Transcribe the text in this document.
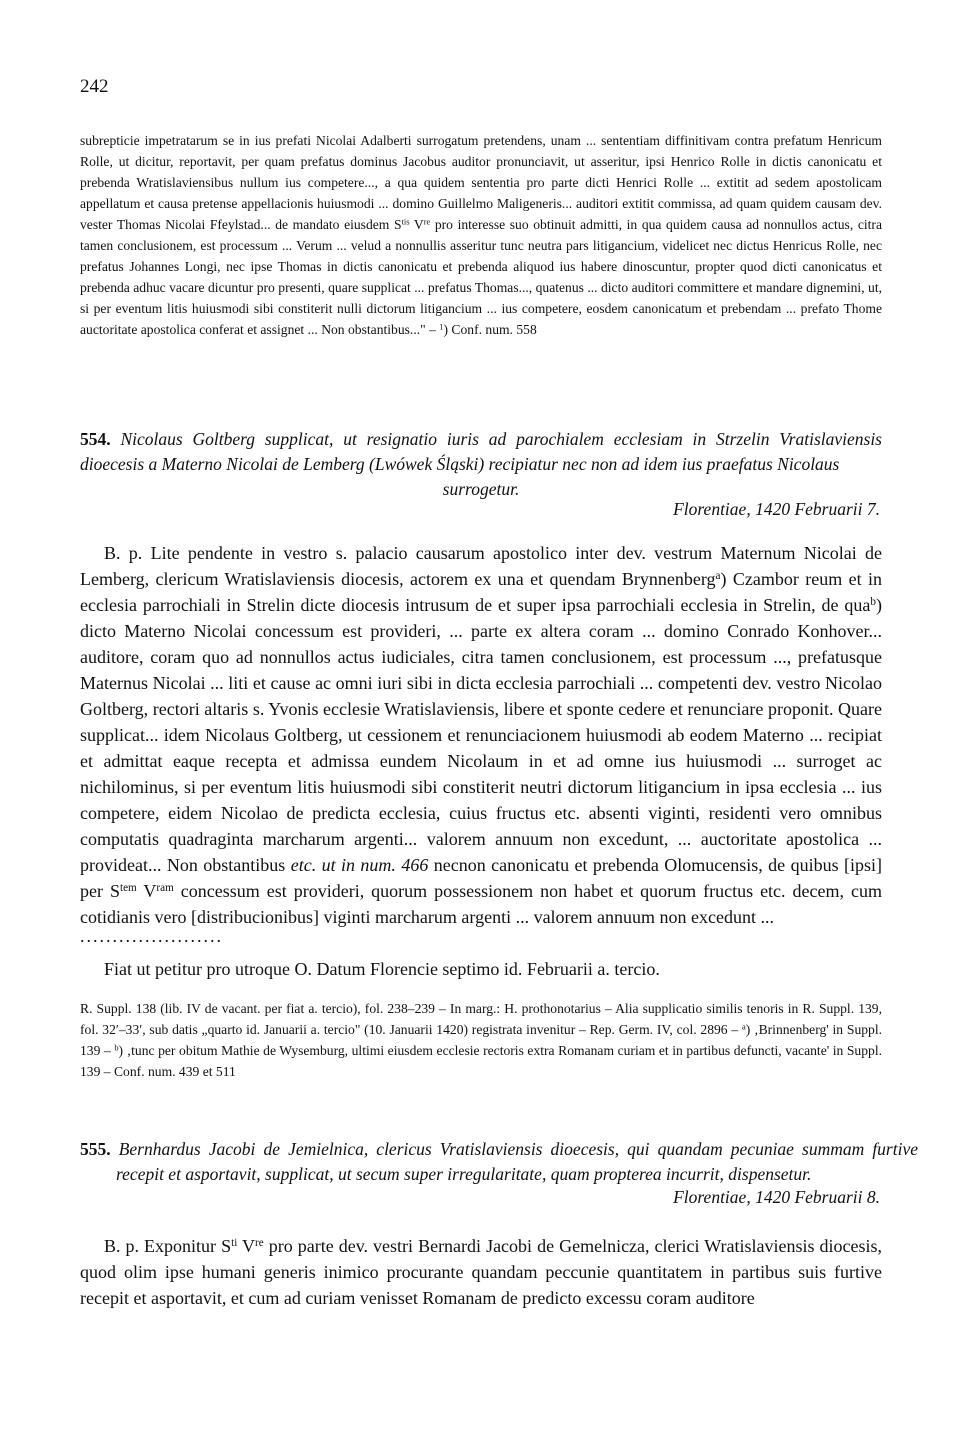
242
subrepticie impetratarum se in ius prefati Nicolai Adalberti surrogatum pretendens, unam ... sententiam diffinitivam contra prefatum Henricum Rolle, ut dicitur, reportavit, per quam prefatus dominus Jacobus auditor pronunciavit, ut asseritur, ipsi Henrico Rolle in dictis canonicatu et prebenda Wratislaviensibus nullum ius competere..., a qua quidem sententia pro parte dicti Henrici Rolle ... extitit ad sedem apostolicam appellatum et causa pretense appellacionis huiusmodi ... domino Guillelmo Maligeneris... auditori extitit commissa, ad quam quidem causam dev. vester Thomas Nicolai Ffeylstad... de mandato eiusdem $S^{tis}$ Vre pro interesse suo obtinuit admitti, in qua quidem causa ad nonnullos actus, citra tamen conclusionem, est processum ... Verum ... velud a nonnullis asseritur tunc neutra pars litigancium, videlicet nec dictus Henricus Rolle, nec prefatus Johannes Longi, nec ipse Thomas in dictis canonicatu et prebenda aliquod ius habere dinoscuntur, propter quod dicti canonicatus et prebenda adhuc vacare dicuntur pro presenti, quare supplicat ... prefatus Thomas..., quatenus ... dicto auditori committere et mandare dignemini, ut, si per eventum litis huiusmodi sibi constiterit nulli dictorum litigancium ... ius competere, eosdem canonicatum et prebendam ... prefato Thome auctoritate apostolica conferat et assignet ... Non obstantibus..." – $^1$) Conf. num. 558
554. Nicolaus Goltberg supplicat, ut resignatio iuris ad parochialem ecclesiam in Strzelin Vratislaviensis dioecesis a Materno Nicolai de Lemberg (Lwówek Śląski) recipiatur nec non ad idem ius praefatus Nicolaus
surrogetur.
Florentiae, 1420 Februarii 7.
B. p. Lite pendente in vestro s. palacio causarum apostolico inter dev. vestrum Maternum Nicolai de Lemberg, clericum Wratislaviensis diocesis, actorem ex una et quendam Brynnenberg$^a$) Czambor reum et in ecclesia parrochiali in Strelin dicte diocesis intrusum de et super ipsa parrochiali ecclesia in Strelin, de qua$^b$) dicto Materno Nicolai concessum est provideri, ... parte ex altera coram ... domino Conrado Konhover... auditore, coram quo ad nonnullos actus iudiciales, citra tamen conclusionem, est processum ..., prefatusque Maternus Nicolai ... liti et cause ac omni iuri sibi in dicta ecclesia parrochiali ... competenti dev. vestro Nicolao Goltberg, rectori altaris s. Yvonis ecclesie Wratislaviensis, libere et sponte cedere et renunciare proponit. Quare supplicat... idem Nicolaus Goltberg, ut cessionem et renunciacionem huiusmodi ab eodem Materno ... recipiat et admittat eaque recepta et admissa eundem Nicolaum in et ad omne ius huiusmodi ... surroget ac nichilominus, si per eventum litis huiusmodi sibi constiterit neutri dictorum litigancium in ipsa ecclesia ... ius competere, eidem Nicolao de predicta ecclesia, cuius fructus etc. absenti viginti, residenti vero omnibus computatis quadraginta marcharum argenti... valorem annuum non excedunt, ... auctoritate apostolica ... provideat... Non obstantibus etc. ut in num. 466 necnon canonicatu et prebenda Olomucensis, de quibus [ipsi] per $S^{tem}$ $V^{ram}$ concessum est provideri, quorum possessionem non habet et quorum fructus etc. decem, cum cotidianis vero [distribucionibus] viginti marcharum argenti ... valorem annuum non excedunt ...
......................
Fiat ut petitur pro utroque O. Datum Florencie septimo id. Februarii a. tercio.
R. Suppl. 138 (lib. IV de vacant. per fiat a. tercio), fol. 238–239 – In marg.: H. prothonotarius – Alia supplicatio similis tenoris in R. Suppl. 139, fol. 32′–33′, sub datis „quarto id. Januarii a. tercio" (10. Januarii 1420) registrata invenitur – Rep. Germ. IV, col. 2896 – $^a$) ‚Brinnenberg' in Suppl. 139 – $^b$) ‚tunc per obitum Mathie de Wysemburg, ultimi eiusdem ecclesie rectoris extra Romanam curiam et in partibus defuncti, vacante' in Suppl. 139 – Conf. num. 439 et 511
555. Bernhardus Jacobi de Jemielnica, clericus Vratislaviensis dioecesis, qui quandam pecuniae summam furtive recepit et asportavit, supplicat, ut secum super irregularitate, quam propterea incurrit, dispensetur.
Florentiae, 1420 Februarii 8.
B. p. Exponitur $S^{ti}$ Vre pro parte dev. vestri Bernardi Jacobi de Gemelnicza, clerici Wratislaviensis diocesis, quod olim ipse humani generis inimico procurante quandam peccunie quantitatem in partibus suis furtive recepit et asportavit, et cum ad curiam venisset Romanam de predicto excessu coram auditore
